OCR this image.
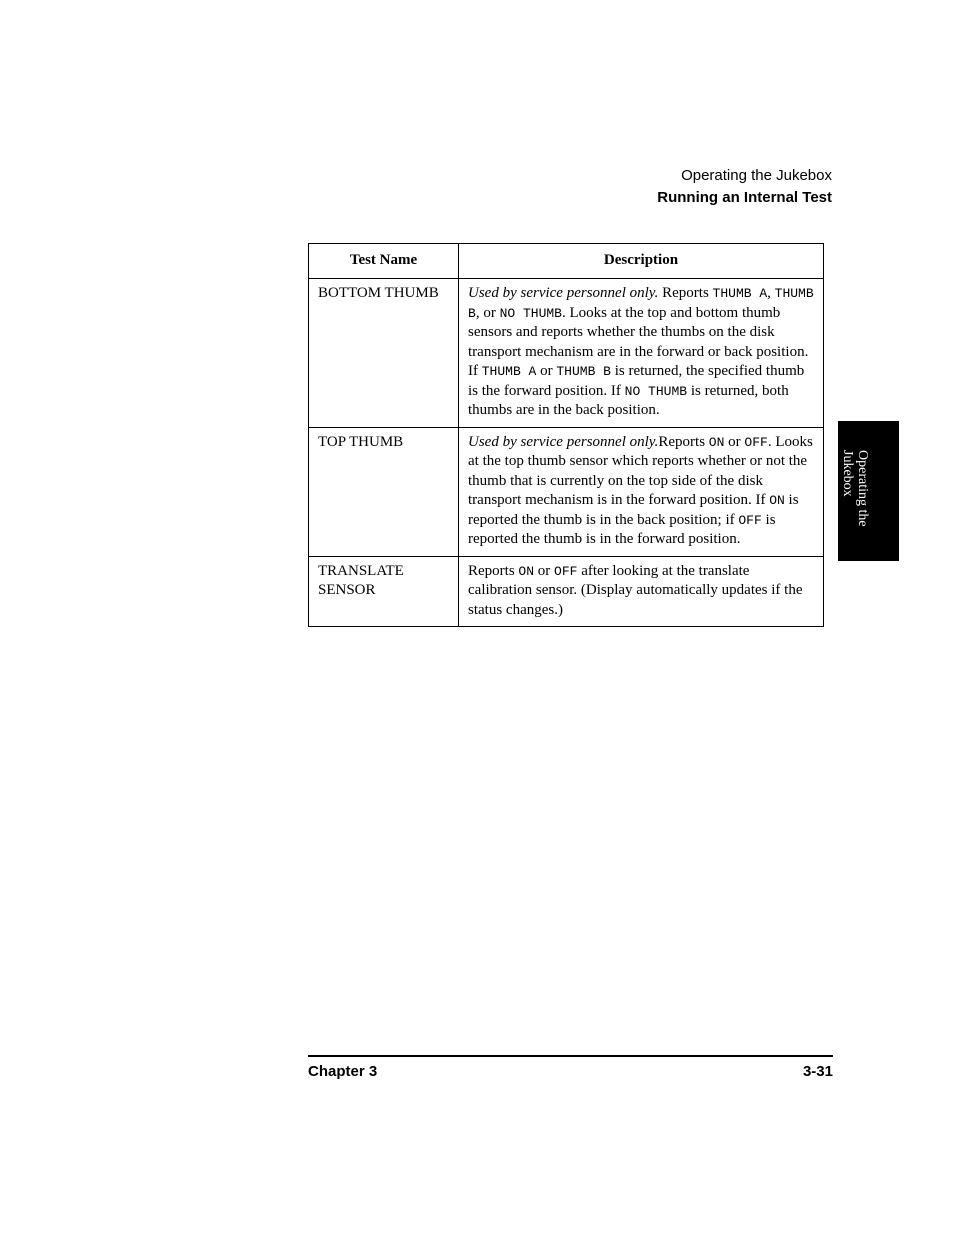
Operating the Jukebox
Running an Internal Test
Test Name	Description
BOTTOM THUMB	Used by service personnel only. Reports THUMB A, THUMB B, or NO THUMB. Looks at the top and bottom thumb sensors and reports whether the thumbs on the disk transport mechanism are in the forward or back position. If THUMB A or THUMB B is returned, the specified thumb is the forward position. If NO THUMB is returned, both thumbs are in the back position.
TOP THUMB	Used by service personnel only.Reports ON or OFF. Looks at the top thumb sensor which reports whether or not the thumb that is currently on the top side of the disk transport mechanism is in the forward position. If ON is reported the thumb is in the back position; if OFF is reported the thumb is in the forward position.
TRANSLATE SENSOR	Reports ON or OFF after looking at the translate calibration sensor. (Display automatically updates if the status changes.)
Operating the
Jukebox
Chapter 3	3-31
